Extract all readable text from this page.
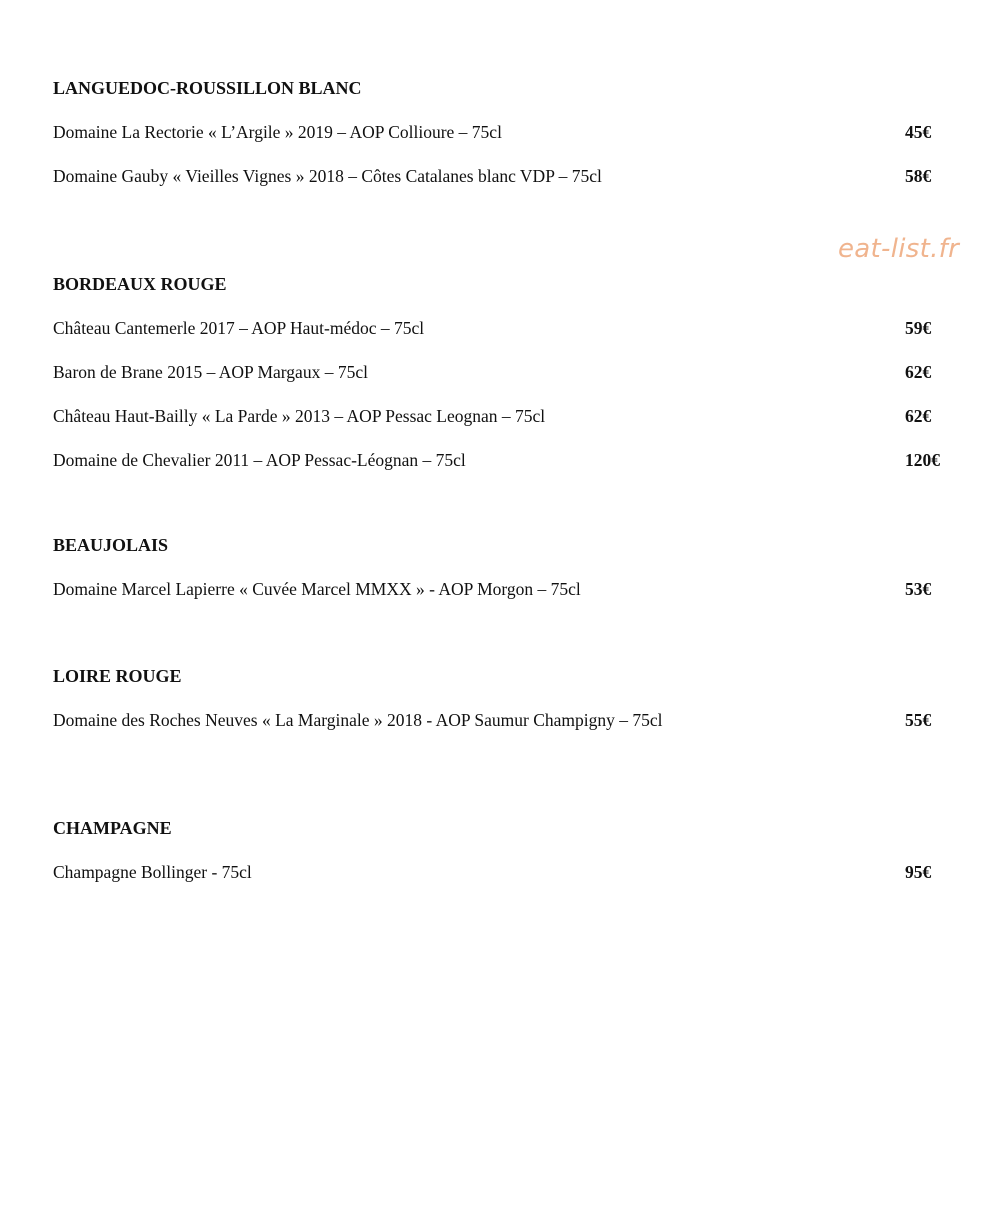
eat-list.fr
LANGUEDOC-ROUSSILLON BLANC
Domaine La Rectorie « L’Argile » 2019 – AOP Collioure – 75cl	45€
Domaine Gauby « Vieilles Vignes » 2018 – Côtes Catalanes blanc VDP – 75cl	58€
BORDEAUX ROUGE
Château Cantemerle 2017 – AOP Haut-médoc – 75cl	59€
Baron de Brane 2015 – AOP Margaux – 75cl	62€
Château Haut-Bailly « La Parde » 2013 – AOP Pessac Leognan – 75cl	62€
Domaine de Chevalier 2011 – AOP Pessac-Léognan – 75cl	120€
BEAUJOLAIS
Domaine Marcel Lapierre « Cuvée Marcel MMXX » - AOP Morgon – 75cl	53€
LOIRE ROUGE
Domaine des Roches Neuves « La Marginale » 2018 - AOP Saumur Champigny – 75cl	55€
CHAMPAGNE
Champagne Bollinger - 75cl	95€
